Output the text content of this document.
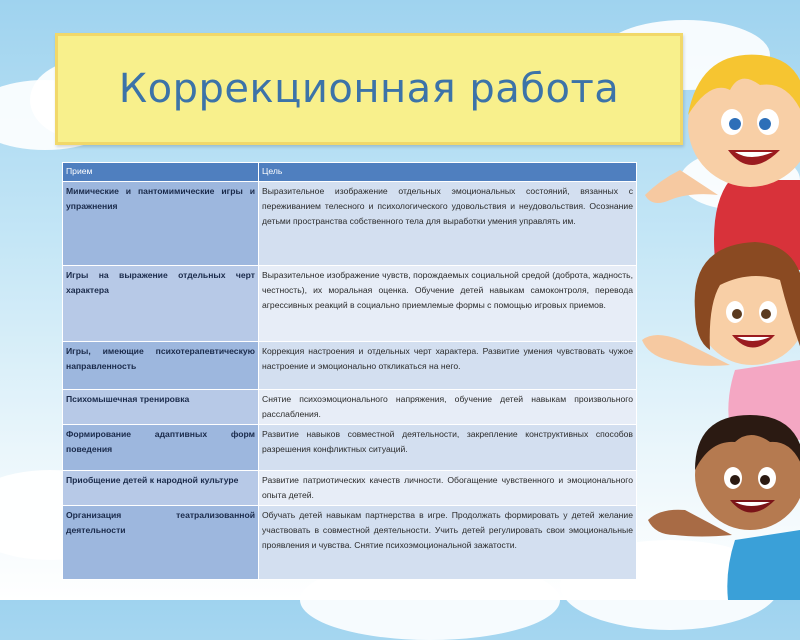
Коррекционная работа
Прием	Цель
Мимические и пантомимические игры и упражнения	Выразительное изображение отдельных эмоциональных состояний, вязанных с переживанием телесного и психологического удовольствия и неудовольствия. Осознание детьми пространства собственного тела для выработки умения управлять им.
Игры на выражение отдельных черт характера	Выразительное изображение чувств, порождаемых социальной средой (доброта, жадность, честность), их моральная оценка. Обучение детей навыкам самоконтроля, перевода агрессивных реакций в социально приемлемые формы с помощью игровых приемов.
Игры, имеющие психотерапевтическую направленность	Коррекция настроения и отдельных черт характера. Развитие умения чувствовать чужое настроение и эмоционально откликаться на него.
Психомышечная тренировка	Снятие психоэмоционального напряжения, обучение детей навыкам произвольного расслабления.
Формирование адаптивных форм поведения	Развитие навыков совместной деятельности, закрепление конструктивных способов разрешения конфликтных ситуаций.
Приобщение детей к народной культуре	Развитие патриотических качеств личности. Обогащение чувственного и эмоционального опыта детей.
Организация театрализованной деятельности	Обучать детей навыкам партнерства в игре. Продолжать формировать у детей желание участвовать в совместной деятельности. Учить детей регулировать свои эмоциональные проявления и чувства. Снятие психоэмоциональной зажатости.
